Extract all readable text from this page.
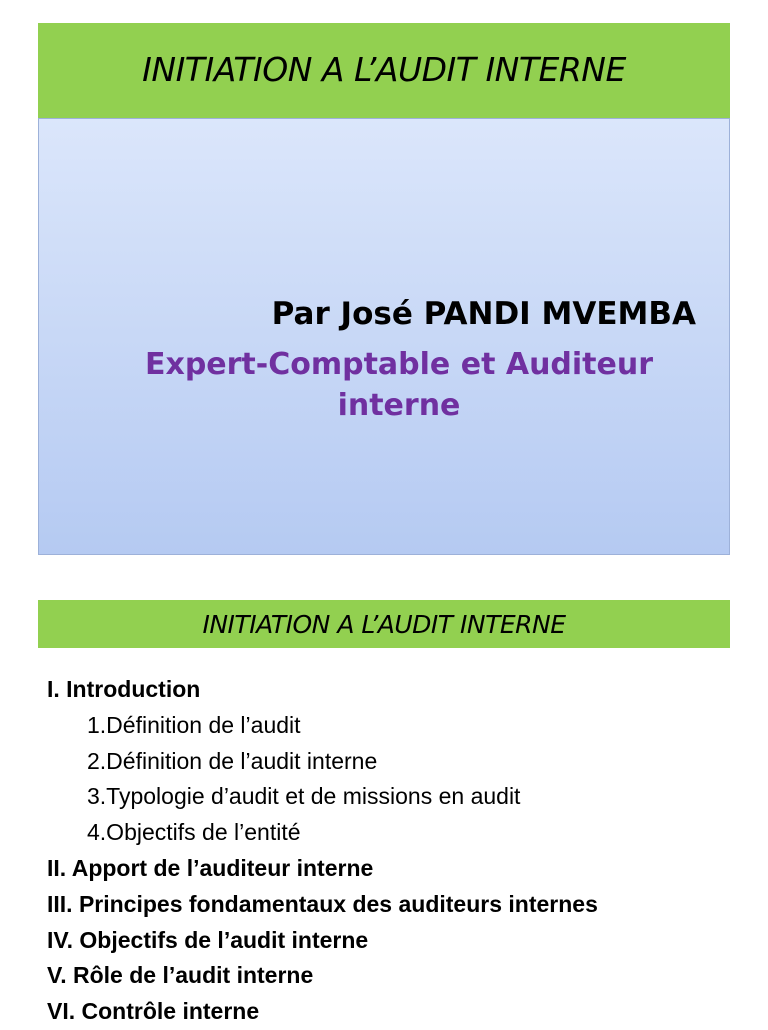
INITIATION A L’AUDIT INTERNE
Par José PANDI MVEMBA
Expert-Comptable et Auditeur interne
INITIATION A L’AUDIT INTERNE
I. Introduction
1.Définition de l’audit
2.Définition de l’audit interne
3.Typologie d’audit et de missions en audit
4.Objectifs de l’entité
II. Apport de l’auditeur interne
III. Principes fondamentaux des auditeurs internes
IV. Objectifs de l’audit interne
V. Rôle de l’audit interne
VI. Contrôle interne
